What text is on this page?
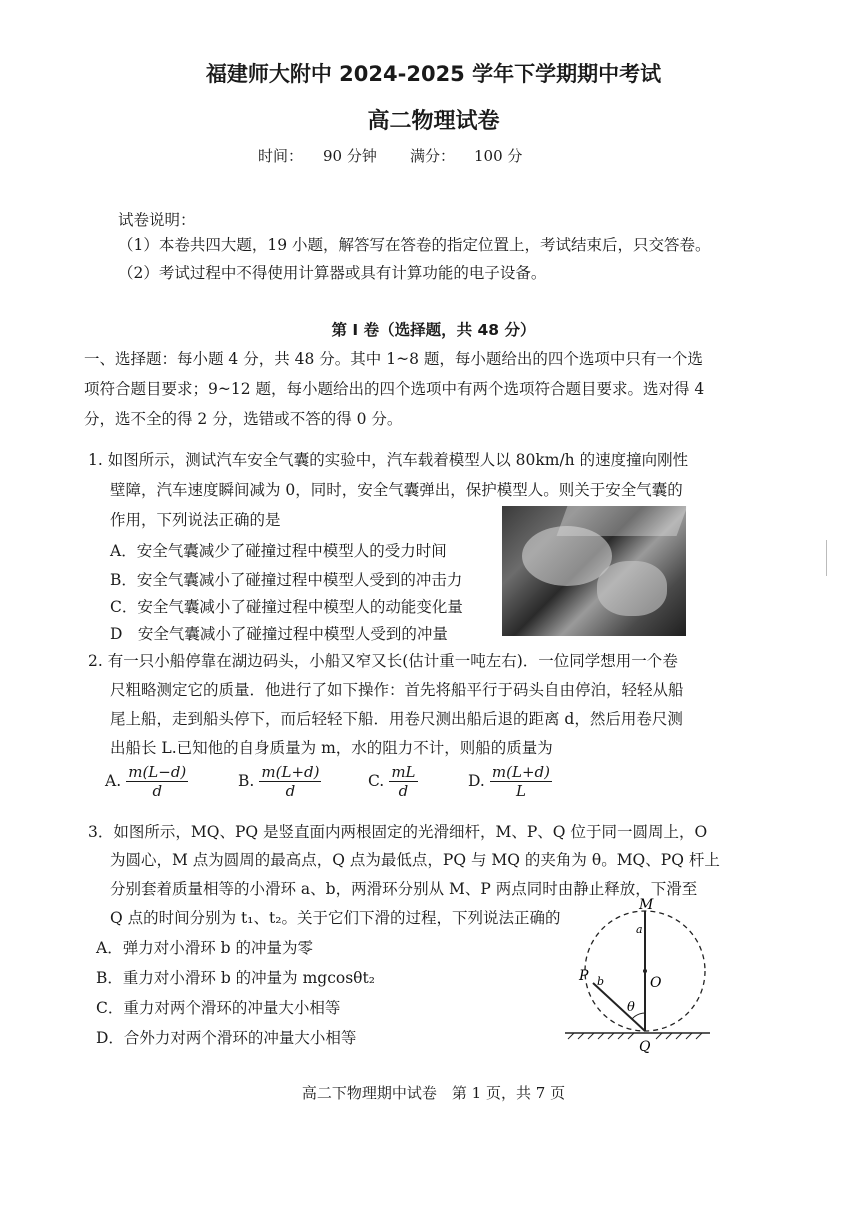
福建师大附中 2024-2025 学年下学期期中考试
高二物理试卷
时间： 90 分钟 满分： 100 分
试卷说明：
（1）本卷共四大题，19 小题，解答写在答卷的指定位置上，考试结束后，只交答卷。
（2）考试过程中不得使用计算器或具有计算功能的电子设备。
第 I 卷（选择题，共 48 分）
一、选择题：每小题 4 分，共 48 分。其中 1~8 题，每小题给出的四个选项中只有一个选
项符合题目要求；9~12 题，每小题给出的四个选项中有两个选项符合题目要求。选对得 4
分，选不全的得 2 分，选错或不答的得 0 分。
1. 如图所示，测试汽车安全气囊的实验中，汽车载着模型人以 80km/h 的速度撞向刚性
壁障，汽车速度瞬间减为 0，同时，安全气囊弹出，保护模型人。则关于安全气囊的
作用，下列说法正确的是
A．安全气囊减少了碰撞过程中模型人的受力时间
B．安全气囊减小了碰撞过程中模型人受到的冲击力
C．安全气囊减小了碰撞过程中模型人的动能变化量
D　安全气囊减小了碰撞过程中模型人受到的冲量
2. 有一只小船停靠在湖边码头，小船又窄又长(估计重一吨左右)．一位同学想用一个卷
尺粗略测定它的质量．他进行了如下操作：首先将船平行于码头自由停泊，轻轻从船
尾上船，走到船头停下，而后轻轻下船．用卷尺测出船后退的距离 d，然后用卷尺测
出船长 L.已知他的自身质量为 m，水的阻力不计，则船的质量为
A. $\frac{m(L-d)}{d}$	B. $\frac{m(L+d)}{d}$	C. $\frac{mL}{d}$	D. $\frac{m(L+d)}{L}$
3．如图所示，MQ、PQ 是竖直面内两根固定的光滑细杆，M、P、Q 位于同一圆周上，O
为圆心，M 点为圆周的最高点，Q 点为最低点，PQ 与 MQ 的夹角为 θ。MQ、PQ 杆上
分别套着质量相等的小滑环 a、b，两滑环分别从 M、P 两点同时由静止释放，下滑至
Q 点的时间分别为 t₁、t₂。关于它们下滑的过程，下列说法正确的
A．弹力对小滑环 b 的冲量为零
B．重力对小滑环 b 的冲量为 mgcosθt₂
C．重力对两个滑环的冲量大小相等
D．合外力对两个滑环的冲量大小相等
M
a
P b	O
θ
Q
高二下物理期中试卷　第 1 页，共 7 页
